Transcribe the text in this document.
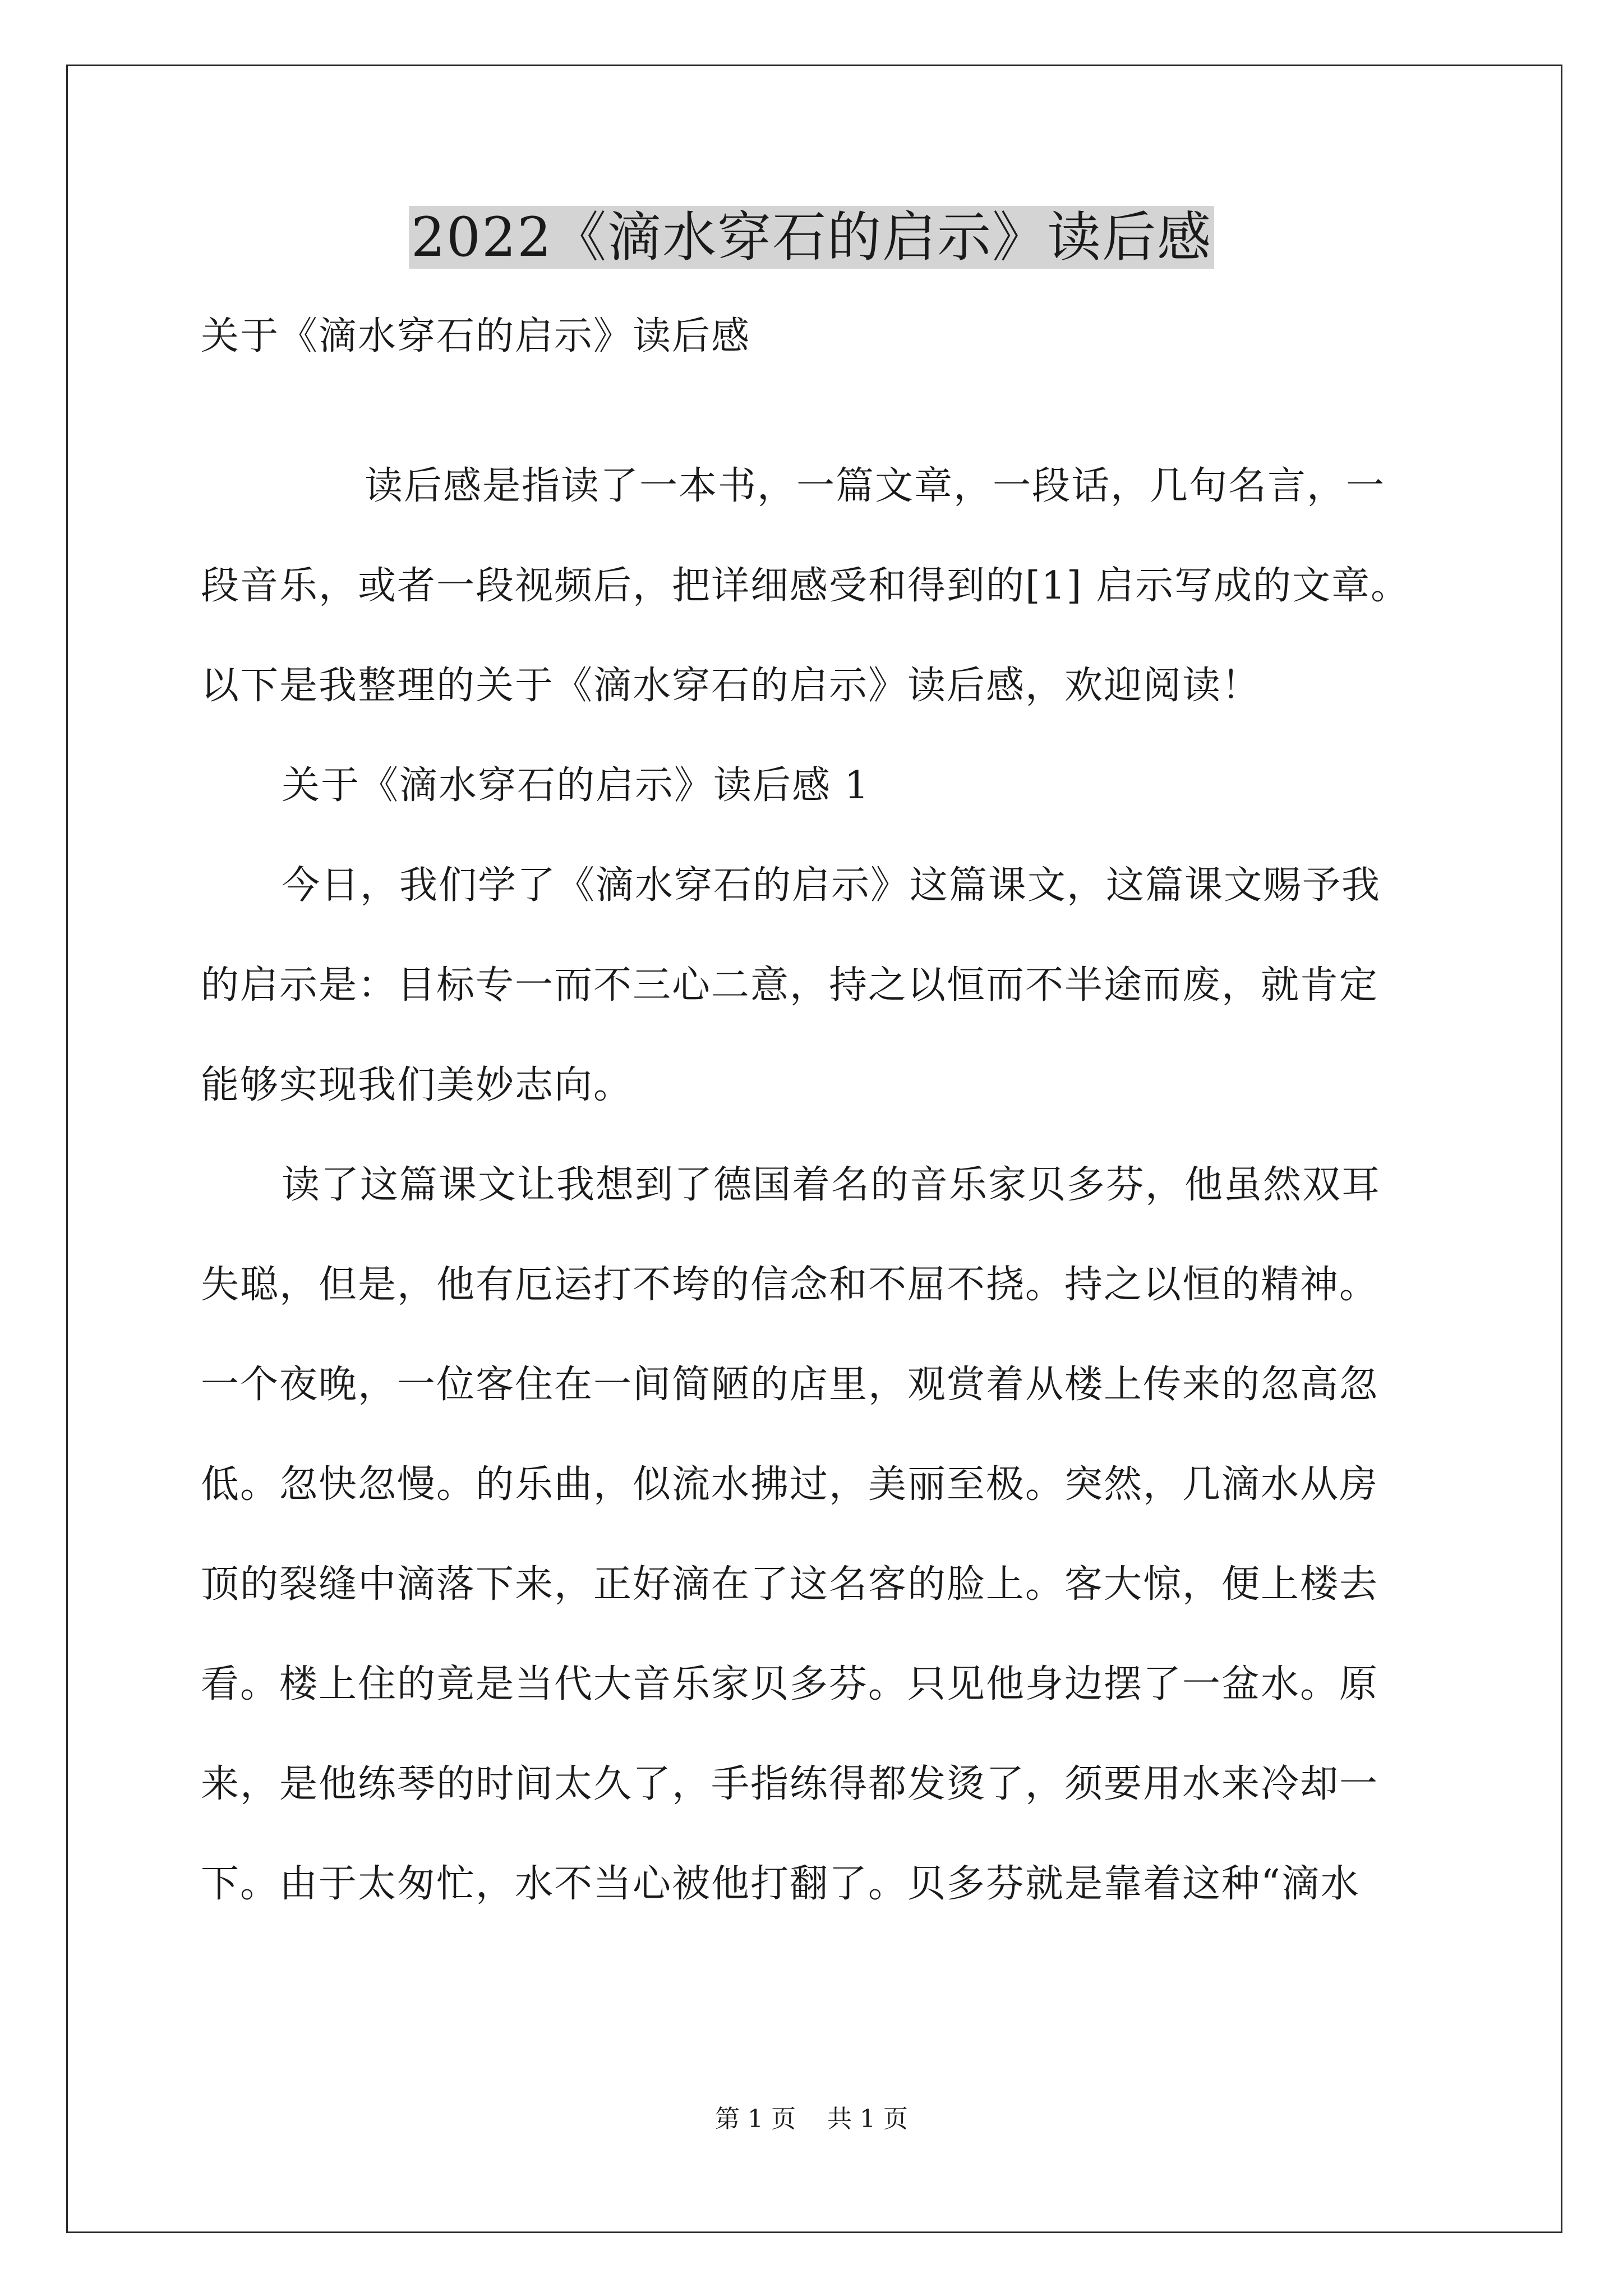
2022《滴水穿石的启示》读后感
关于《滴水穿石的启示》读后感
读后感是指读了一本书，一篇文章，一段话，几句名言，一
段音乐，或者一段视频后，把详细感受和得到的[1] 启示写成的文章。
以下是我整理的关于《滴水穿石的启示》读后感，欢迎阅读！
关于《滴水穿石的启示》读后感 1
今日，我们学了《滴水穿石的启示》这篇课文，这篇课文赐予我
的启示是：目标专一而不三心二意，持之以恒而不半途而废，就肯定
能够实现我们美妙志向。
读了这篇课文让我想到了德国着名的音乐家贝多芬，他虽然双耳
失聪，但是，他有厄运打不垮的信念和不屈不挠。持之以恒的精神。
一个夜晚，一位客住在一间简陋的店里，观赏着从楼上传来的忽高忽
低。忽快忽慢。的乐曲，似流水拂过，美丽至极。突然，几滴水从房
顶的裂缝中滴落下来，正好滴在了这名客的脸上。客大惊，便上楼去
看。楼上住的竟是当代大音乐家贝多芬。只见他身边摆了一盆水。原
来，是他练琴的时间太久了，手指练得都发烫了，须要用水来冷却一
下。由于太匆忙，水不当心被他打翻了。贝多芬就是靠着这种“滴水
第 1 页    共 1 页
